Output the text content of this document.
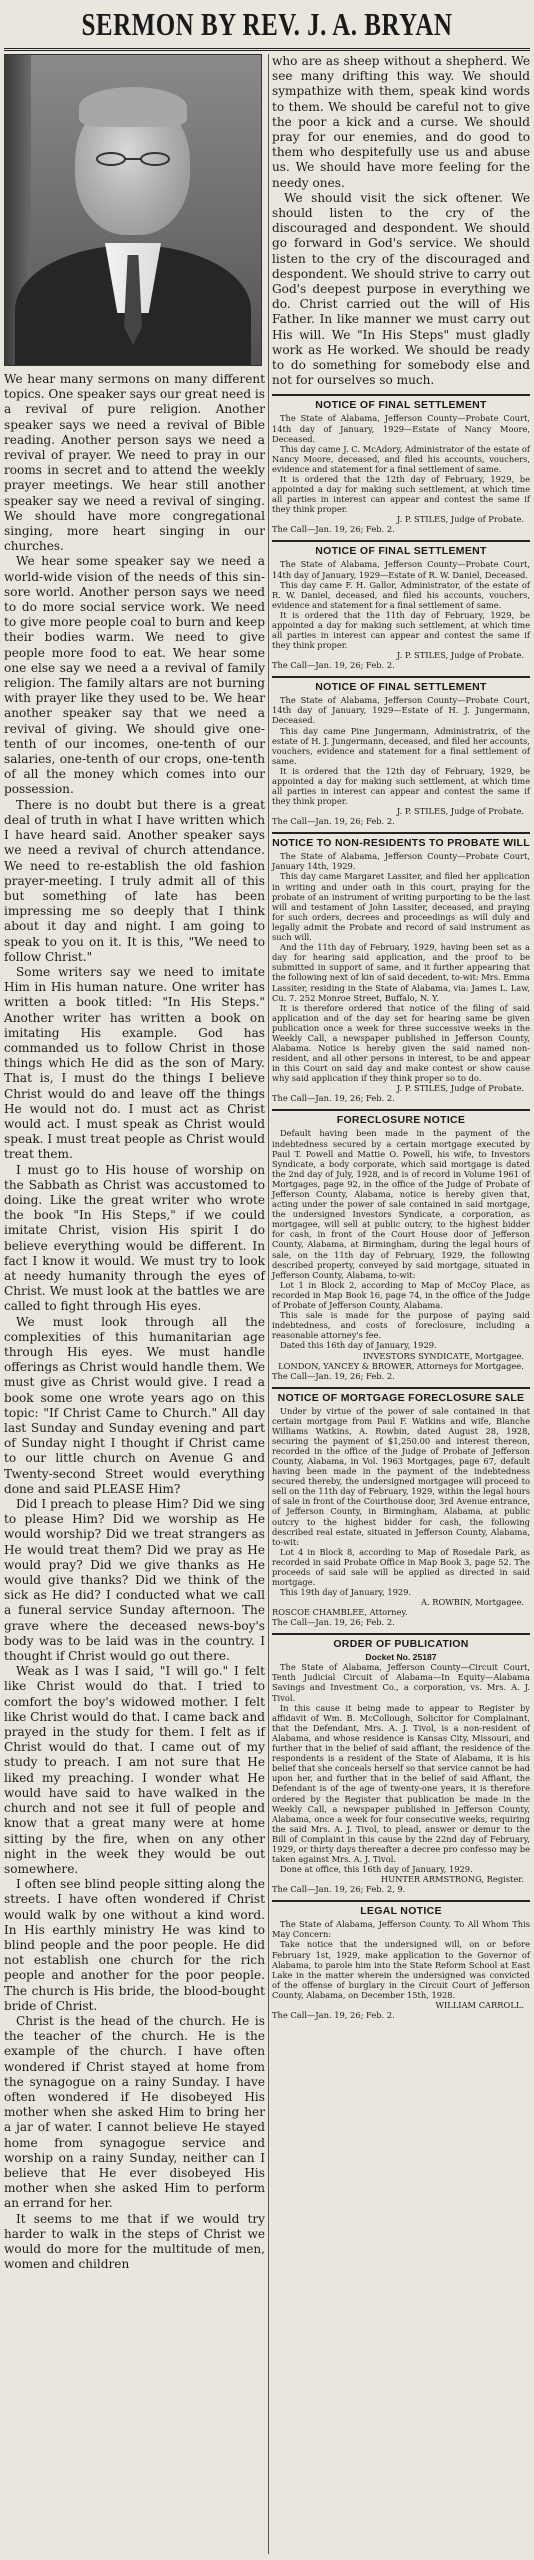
SERMON BY REV. J. A. BRYAN

We hear many sermons on many different topics. One speaker says our great need is a revival of pure religion. Another speaker says we need a revival of Bible reading. Another person says we need a revival of prayer. We need to pray in our rooms in secret and to attend the weekly prayer meetings. We hear still another speaker say we need a revival of singing. We should have more congregational singing, more heart singing in our churches.

We hear some speaker say we need a world-wide vision of the needs of this sin-sore world. Another person says we need to do more social service work. We need to give more people coal to burn and keep their bodies warm. We need to give people more food to eat. We hear some one else say we need a a revival of family religion. The family altars are not burning with prayer like they used to be. We hear another speaker say that we need a revival of giving. We should give one-tenth of our incomes, one-tenth of our salaries, one-tenth of our crops, one-tenth of all the money which comes into our possession.

There is no doubt but there is a great deal of truth in what I have written which I have heard said. Another speaker says we need a revival of church attendance. We need to re-establish the old fashion prayer-meeting. I truly admit all of this but something of late has been impressing me so deeply that I think about it day and night. I am going to speak to you on it. It is this, "We need to follow Christ."

Some writers say we need to imitate Him in His human nature. One writer has written a book titled: "In His Steps." Another writer has written a book on imitating His example. God has commanded us to follow Christ in those things which He did as the son of Mary. That is, I must do the things I believe Christ would do and leave off the things He would not do. I must act as Christ would act. I must speak as Christ would speak. I must treat people as Christ would treat them.

I must go to His house of worship on the Sabbath as Christ was accustomed to doing. Like the great writer who wrote the book "In His Steps," if we could imitate Christ, vision His spirit I do believe everything would be different. In fact I know it would. We must try to look at needy humanity through the eyes of Christ. We must look at the battles we are called to fight through His eyes.

We must look through all the complexities of this humanitarian age through His eyes. We must handle offerings as Christ would handle them. We must give as Christ would give. I read a book some one wrote years ago on this topic: "If Christ Came to Church." All day last Sunday and Sunday evening and part of Sunday night I thought if Christ came to our little church on Avenue G and Twenty-second Street would everything done and said PLEASE Him?

Did I preach to please Him? Did we sing to please Him? Did we worship as He would worship? Did we treat strangers as He would treat them? Did we pray as He would pray? Did we give thanks as He would give thanks? Did we think of the sick as He did? I conducted what we call a funeral service Sunday afternoon. The grave where the deceased news-boy's body was to be laid was in the country. I thought if Christ would go out there.

Weak as I was I said, "I will go." I felt like Christ would do that. I tried to comfort the boy's widowed mother. I felt like Christ would do that. I came back and prayed in the study for them. I felt as if Christ would do that. I came out of my study to preach. I am not sure that He liked my preaching. I wonder what He would have said to have walked in the church and not see it full of people and know that a great many were at home sitting by the fire, when on any other night in the week they would be out somewhere.

I often see blind people sitting along the streets. I have often wondered if Christ would walk by one without a kind word. In His earthly ministry He was kind to blind people and the poor people. He did not establish one church for the rich people and another for the poor people. The church is His bride, the blood-bought bride of Christ.

Christ is the head of the church. He is the teacher of the church. He is the example of the church. I have often wondered if Christ stayed at home from the synagogue on a rainy Sunday. I have often wondered if He disobeyed His mother when she asked Him to bring her a jar of water. I cannot believe He stayed home from synagogue service and worship on a rainy Sunday, neither can I believe that He ever disobeyed His mother when she asked Him to perform an errand for her.

It seems to me that if we would try harder to walk in the steps of Christ we would do more for the multitude of men, women and children

who are as sheep without a shepherd. We see many drifting this way. We should sympathize with them, speak kind words to them. We should be careful not to give the poor a kick and a curse. We should pray for our enemies, and do good to them who despitefully use us and abuse us. We should have more feeling for the needy ones.

We should visit the sick oftener. We should listen to the cry of the discouraged and despondent. We should go forward in God's service. We should listen to the cry of the discouraged and despondent. We should strive to carry out God's deepest purpose in everything we do. Christ carried out the will of His Father. In like manner we must carry out His will. We "In His Steps" must gladly work as He worked. We should be ready to do something for somebody else and not for ourselves so much.

NOTICE OF FINAL SETTLEMENT

The State of Alabama, Jefferson County—Probate Court, 14th day of January, 1929—Estate of Nancy Moore, Deceased.

This day came J. C. McAdory, Administrator of the estate of Nancy Moore, deceased, and filed his accounts, vouchers, evidence and statement for a final settlement of same.

It is ordered that the 12th day of February, 1929, be appointed a day for making such settlement, at which time all parties in interest can appear and contest the same if they think proper.

J. P. STILES, Judge of Probate.

The Call—Jan. 19, 26; Feb. 2.

NOTICE OF FINAL SETTLEMENT

The State of Alabama, Jefferson County—Probate Court, 14th day of January, 1929—Estate of R. W. Daniel, Deceased.

This day came F. H. Gallor, Administrator, of the estate of R. W. Daniel, deceased, and filed his accounts, vouchers, evidence and statement for a final settlement of same.

It is ordered that the 11th day of February, 1929, be appointed a day for making such settlement, at which time all parties in interest can appear and contest the same if they think proper.

J. P. STILES, Judge of Probate.

The Call—Jan. 19, 26; Feb. 2.

NOTICE OF FINAL SETTLEMENT

The State of Alabama, Jefferson County—Probate Court, 14th day of January, 1929—Estate of H. J. Jungermann, Deceased.

This day came Pine Jungermann, Administratrix, of the estate of H. J. Jungermann, deceased, and filed her accounts, vouchers, evidence and statement for a final settlement of same.

It is ordered that the 12th day of February, 1929, be appointed a day for making such settlement, at which time all parties in interest can appear and contest the same if they think proper.

J. P. STILES, Judge of Probate.

The Call—Jan. 19, 26; Feb. 2.

NOTICE TO NON-RESIDENTS TO PROBATE WILL

The State of Alabama, Jefferson County—Probate Court, January 14th, 1929.

This day came Margaret Lassiter, and filed her application in writing and under oath in this court, praying for the probate of an instrument of writing purporting to be the last will and testament of John Lassiter, deceased, and praying for such orders, decrees and proceedings as will duly and legally admit the Probate and record of said instrument as such will.

And the 11th day of February, 1929, having been set as a day for hearing said application, and the proof to be submitted in support of same, and it further appearing that the following next of kin of said decedent, to-wit: Mrs. Emma Lassiter, residing in the State of Alabama, via: James L. Law, Cu. 7. 252 Monroe Street, Buffalo, N. Y.

It is therefore ordered that notice of the filing of said application and of the day set for hearing same be given publication once a week for three successive weeks in the Weekly Call, a newspaper published in Jefferson County, Alabama. Notice is hereby given the said named non-resident, and all other persons in interest, to be and appear in this Court on said day and make contest or show cause why said application if they think proper so to do.

J. P. STILES, Judge of Probate.

The Call—Jan. 19, 26; Feb. 2.

FORECLOSURE NOTICE

Default having been made in the payment of the indebtedness secured by a certain mortgage executed by Paul T. Powell and Mattie O. Powell, his wife, to Investors Syndicate, a body corporate, which said mortgage is dated the 2nd day of July, 1928, and is of record in Volume 1961 of Mortgages, page 92, in the office of the Judge of Probate of Jefferson County, Alabama, notice is hereby given that, acting under the power of sale contained in said mortgage, the undersigned Investors Syndicate, a corporation, as mortgagee, will sell at public outcry, to the highest bidder for cash, in front of the Court House door of Jefferson County, Alabama, at Birmingham, during the legal hours of sale, on the 11th day of February, 1929, the following described property, conveyed by said mortgage, situated in Jefferson County, Alabama, to-wit:

Lot 1 in Block 2, according to Map of McCoy Place, as recorded in Map Book 16, page 74, in the office of the Judge of Probate of Jefferson County, Alabama.

This sale is made for the purpose of paying said indebtedness, and costs of foreclosure, including a reasonable attorney's fee.

Dated this 16th day of January, 1929.

INVESTORS SYNDICATE, Mortgagee.

LONDON, YANCEY & BROWER, Attorneys for Mortgagee.

The Call—Jan. 19, 26; Feb. 2.

NOTICE OF MORTGAGE FORECLOSURE SALE

Under by virtue of the power of sale contained in that certain mortgage from Paul F. Watkins and wife, Blanche Williams Watkins, A. Rowbin, dated August 28, 1928, securing the payment of $1,250.00 and interest thereon, recorded in the office of the Judge of Probate of Jefferson County, Alabama, in Vol. 1963 Mortgages, page 67, default having been made in the payment of the indebtedness secured thereby, the undersigned mortgagee will proceed to sell on the 11th day of February, 1929, within the legal hours of sale in front of the Courthouse door, 3rd Avenue entrance, of Jefferson County, in Birmingham, Alabama, at public outcry to the highest bidder for cash, the following described real estate, situated in Jefferson County, Alabama, to-wit:

Lot 4 in Block 8, according to Map of Rosedale Park, as recorded in said Probate Office in Map Book 3, page 52. The proceeds of said sale will be applied as directed in said mortgage.

This 19th day of January, 1929.

A. ROWBIN, Mortgagee.

ROSCOE CHAMBLEE, Attorney.

The Call—Jan. 19, 26; Feb. 2.

ORDER OF PUBLICATION

Docket No. 25187

The State of Alabama, Jefferson County—Circuit Court, Tenth Judicial Circuit of Alabama—In Equity—Alabama Savings and Investment Co., a corporation, vs. Mrs. A. J. Tivol.

In this cause it being made to appear to Register by affidavit of Wm. B. McCollough, Solicitor for Complainant, that the Defendant, Mrs. A. J. Tivol, is a non-resident of Alabama, and whose residence is Kansas City, Missouri, and further that in the belief of said affiant, the residence of the respondents is a resident of the State of Alabama, it is his belief that she conceals herself so that service cannot be had upon her, and further that in the belief of said Affiant, the Defendant is of the age of twenty-one years, it is therefore ordered by the Register that publication be made in the Weekly Call, a newspaper published in Jefferson County, Alabama, once a week for four consecutive weeks, requiring the said Mrs. A. J. Tivol, to plead, answer or demur to the Bill of Complaint in this cause by the 22nd day of February, 1929, or thirty days thereafter a decree pro confesso may be taken against Mrs. A. J. Tivol.

Done at office, this 16th day of January, 1929.

HUNTER ARMSTRONG, Register.

The Call—Jan. 19, 26; Feb. 2, 9.

LEGAL NOTICE

The State of Alabama, Jefferson County. To All Whom This May Concern:

Take notice that the undersigned will, on or before February 1st, 1929, make application to the Governor of Alabama, to parole him into the State Reform School at East Lake in the matter wherein the undersigned was convicted of the offense of burglary in the Circuit Court of Jefferson County, Alabama, on December 15th, 1928.

WILLIAM CARROLL.

The Call—Jan. 19, 26; Feb. 2.
